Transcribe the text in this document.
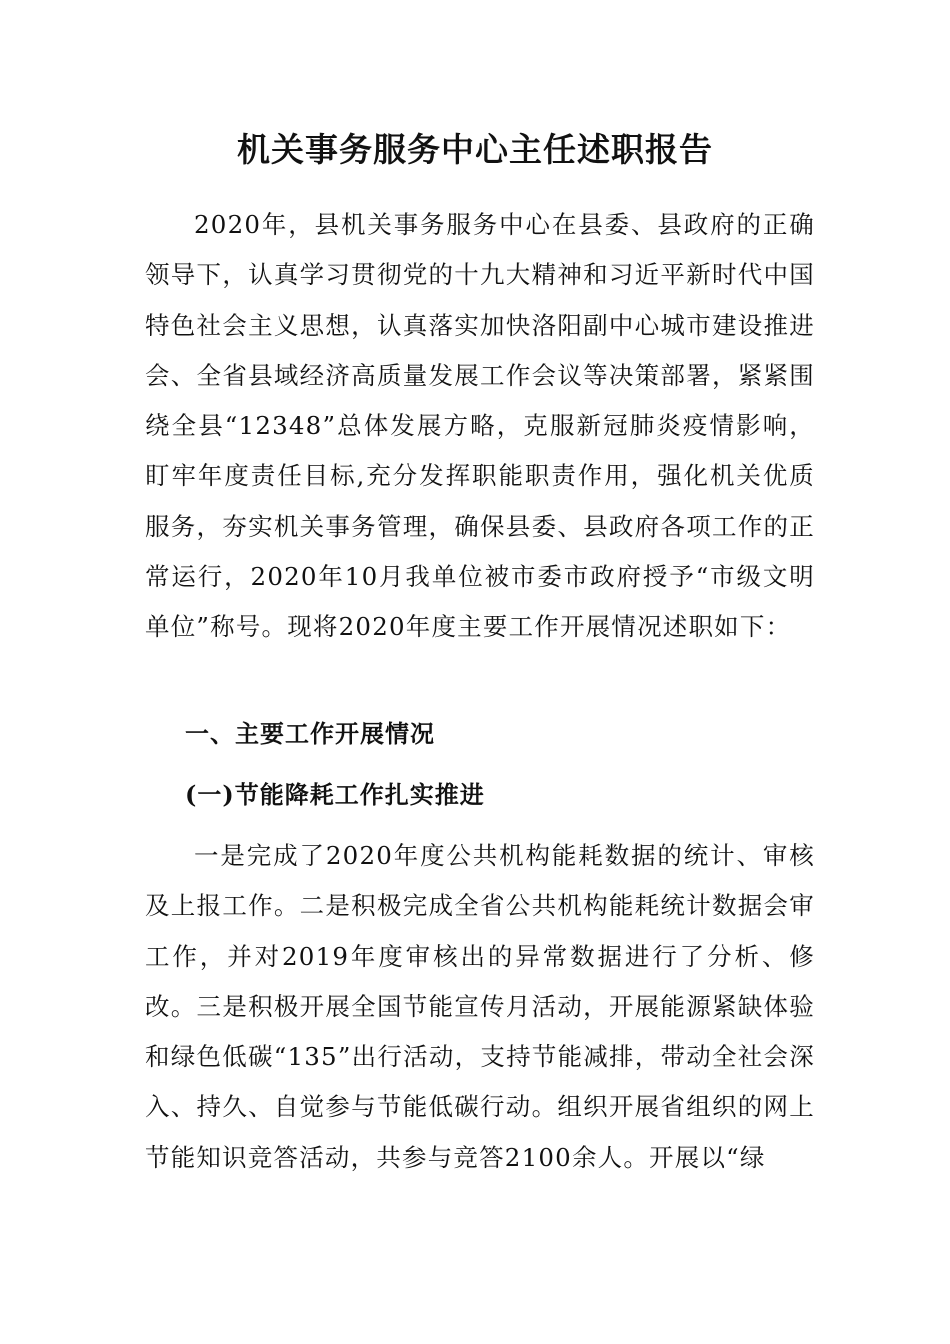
机关事务服务中心主任述职报告

2020年，县机关事务服务中心在县委、县政府的正确领导下，认真学习贯彻党的十九大精神和习近平新时代中国特色社会主义思想，认真落实加快洛阳副中心城市建设推进会、全省县域经济高质量发展工作会议等决策部署，紧紧围绕全县“12348”总体发展方略，克服新冠肺炎疫情影响，盯牢年度责任目标,充分发挥职能职责作用，强化机关优质服务，夯实机关事务管理，确保县委、县政府各项工作的正常运行，2020年10月我单位被市委市政府授予“市级文明单位”称号。现将2020年度主要工作开展情况述职如下：

一、主要工作开展情况
(一)节能降耗工作扎实推进

一是完成了2020年度公共机构能耗数据的统计、审核及上报工作。二是积极完成全省公共机构能耗统计数据会审工作，并对2019年度审核出的异常数据进行了分析、修改。三是积极开展全国节能宣传月活动，开展能源紧缺体验和绿色低碳“135”出行活动，支持节能减排，带动全社会深入、持久、自觉参与节能低碳行动。组织开展省组织的网上节能知识竞答活动，共参与竞答2100余人。开展以“绿
